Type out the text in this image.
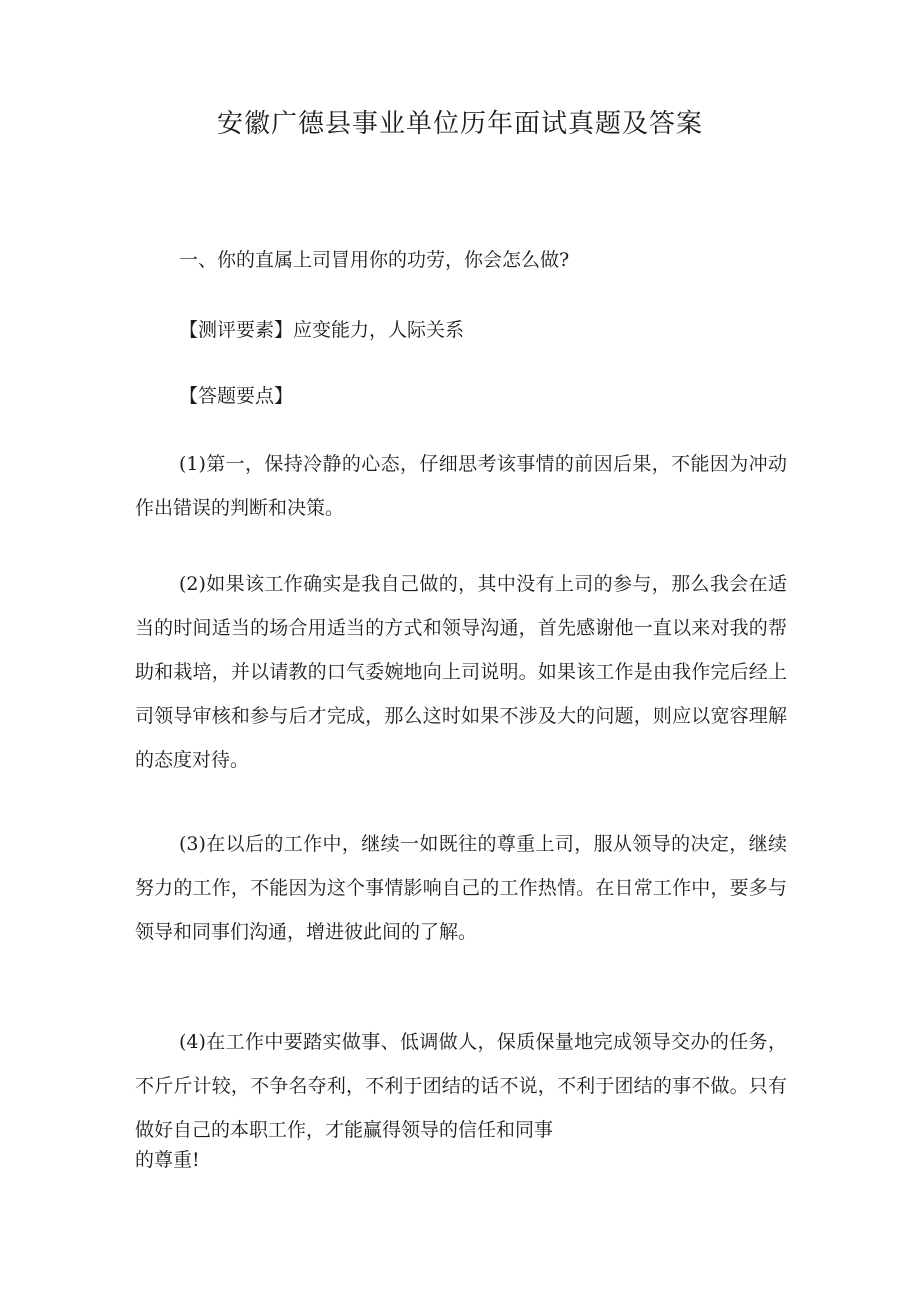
安徽广德县事业单位历年面试真题及答案

一、你的直属上司冒用你的功劳，你会怎么做?

【测评要素】应变能力，人际关系

【答题要点】

(1)第一，保持冷静的心态，仔细思考该事情的前因后果，不能因为冲动作出错误的判断和决策。

(2)如果该工作确实是我自己做的，其中没有上司的参与，那么我会在适当的时间适当的场合用适当的方式和领导沟通，首先感谢他一直以来对我的帮助和栽培，并以请教的口气委婉地向上司说明。如果该工作是由我作完后经上司领导审核和参与后才完成，那么这时如果不涉及大的问题，则应以宽容理解的态度对待。

(3)在以后的工作中，继续一如既往的尊重上司，服从领导的决定，继续努力的工作，不能因为这个事情影响自己的工作热情。在日常工作中，要多与领导和同事们沟通，增进彼此间的了解。

(4)在工作中要踏实做事、低调做人，保质保量地完成领导交办的任务，不斤斤计较，不争名夺利，不利于团结的话不说，不利于团结的事不做。只有做好自己的本职工作，才能赢得领导的信任和同事

的尊重!
